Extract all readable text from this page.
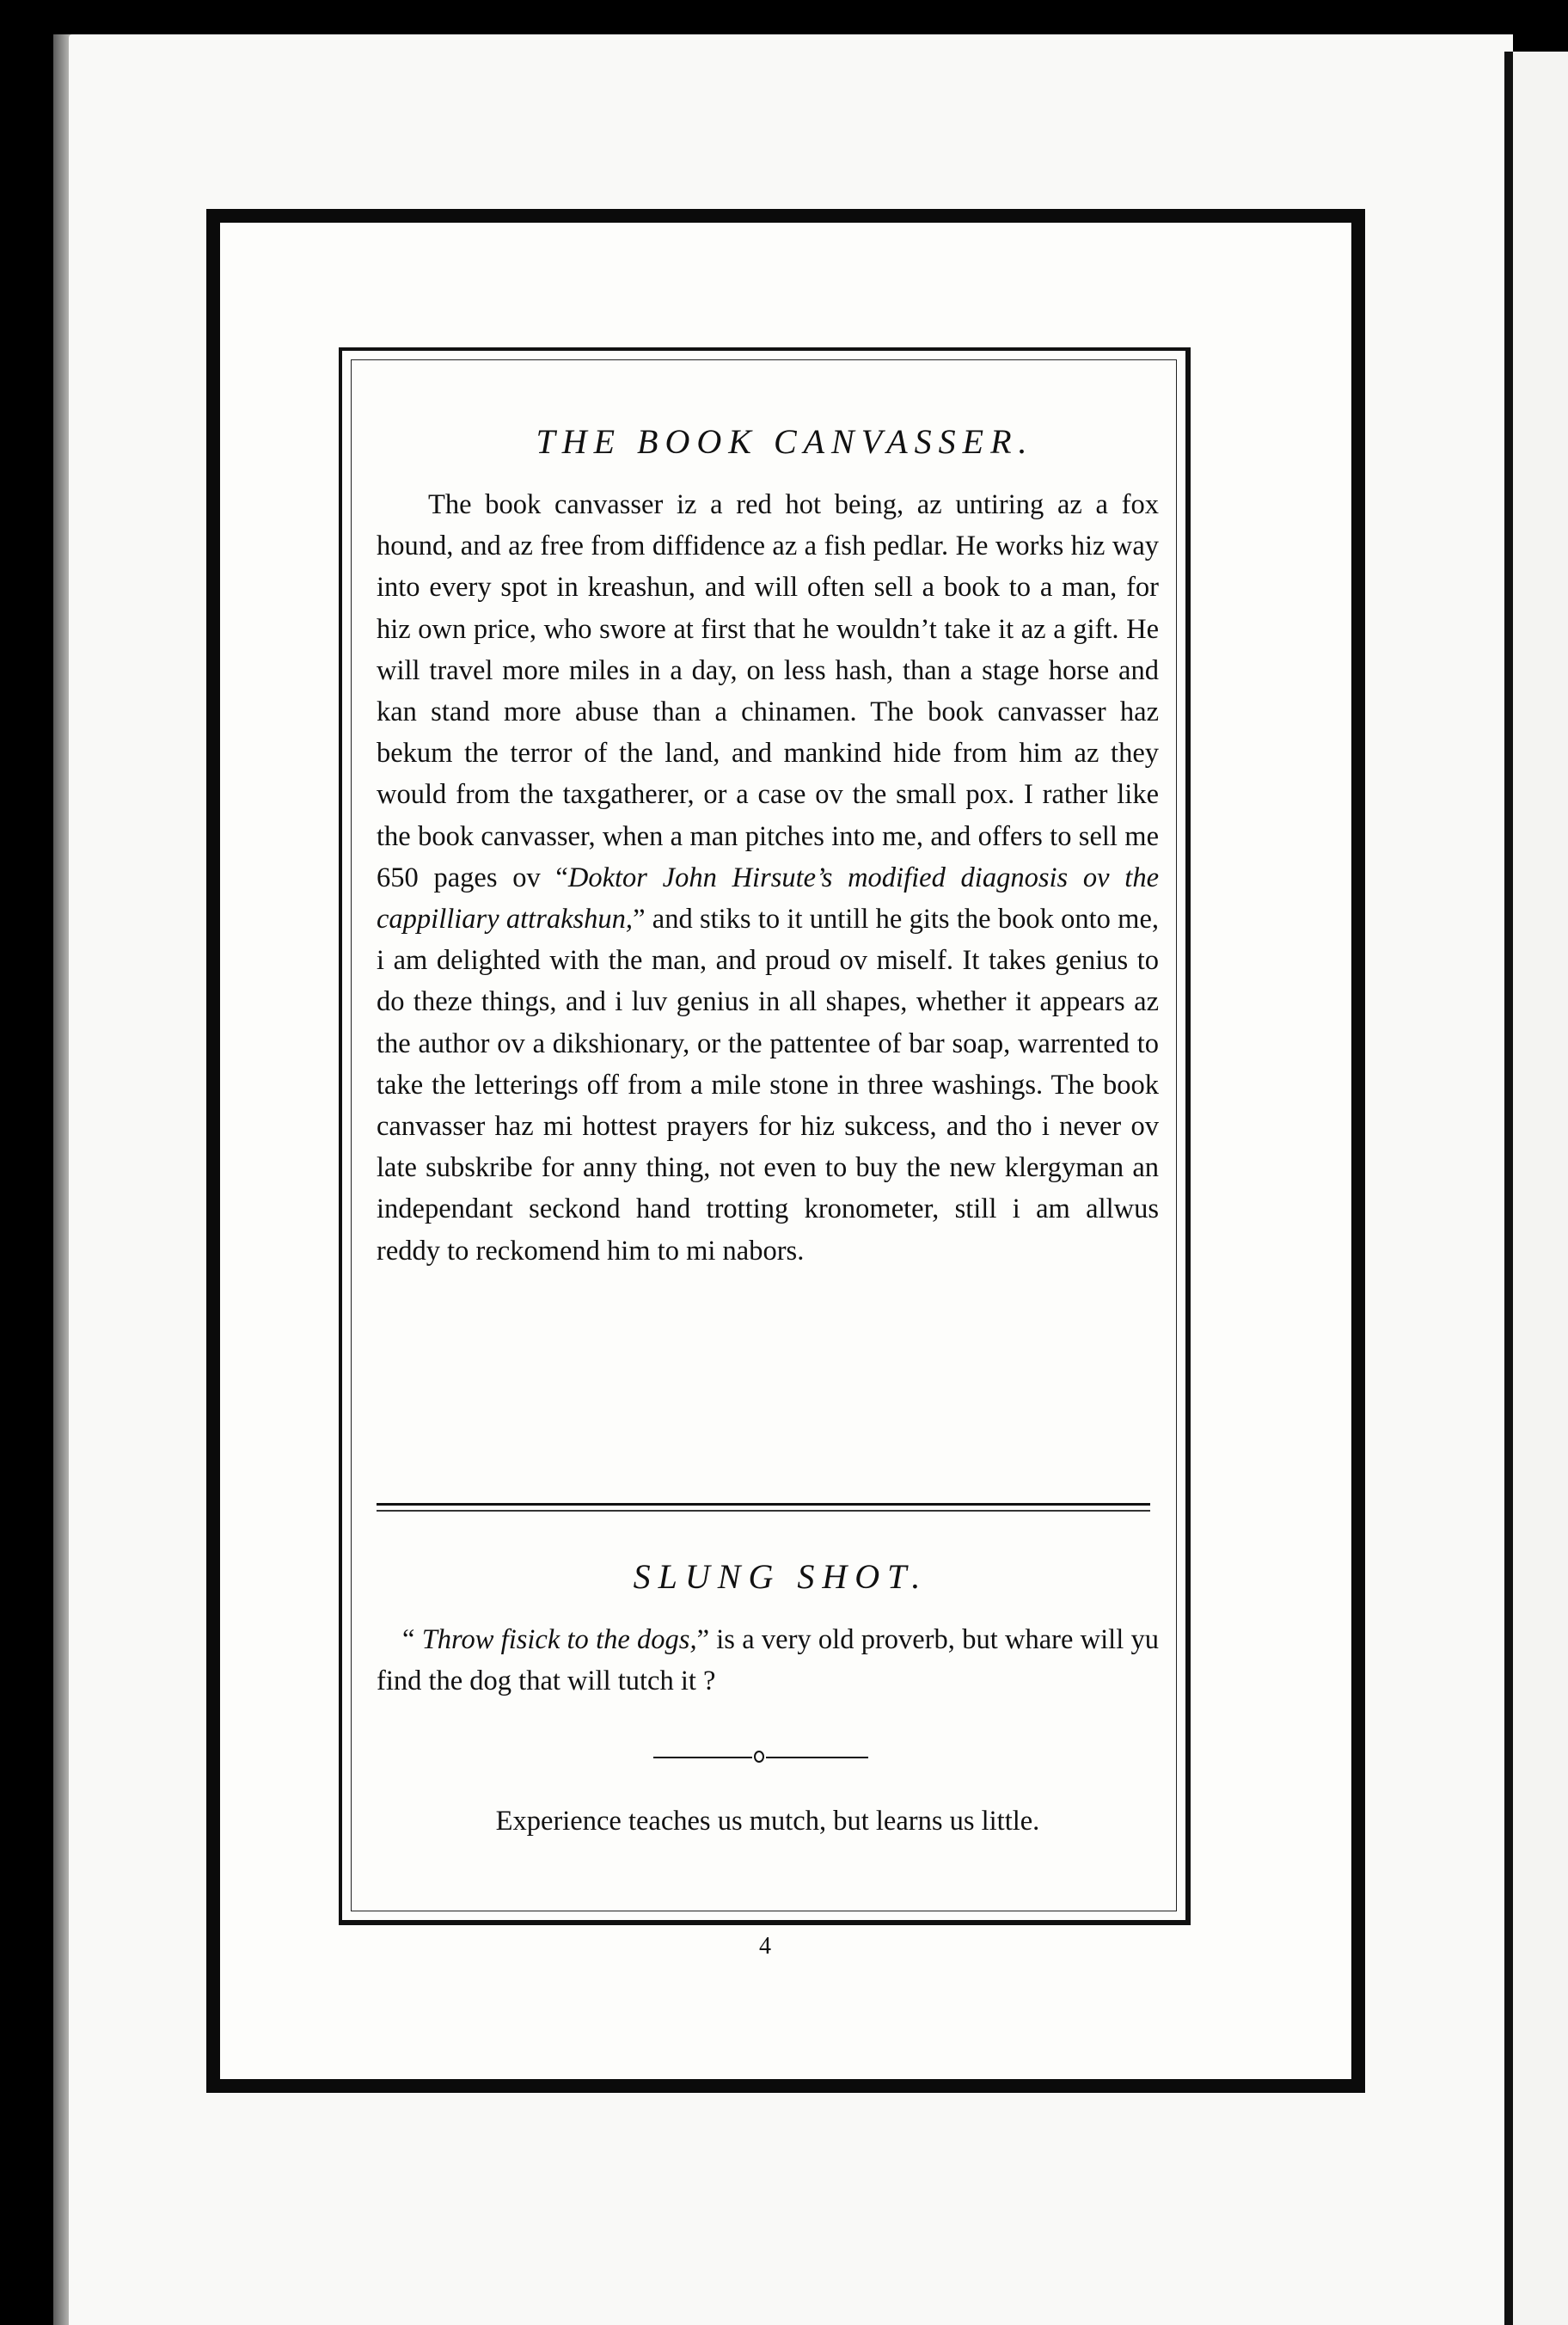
THE BOOK CANVASSER.

The book canvasser iz a red hot being, az untiring az a fox hound, and az free from diffidence az a fish pedlar. He works hiz way into every spot in kreashun, and will often sell a book to a man, for hiz own price, who swore at first that he wouldn’t take it az a gift. He will travel more miles in a day, on less hash, than a stage horse and kan stand more abuse than a chinamen. The book canvasser haz bekum the terror of the land, and mankind hide from him az they would from the taxgatherer, or a case ov the small pox. I rather like the book canvasser, when a man pitches into me, and offers to sell me 650 pages ov “Doktor John Hirsute’s modified diagnosis ov the cappilliary attrakshun,” and stiks to it untill he gits the book onto me, i am delighted with the man, and proud ov miself. It takes genius to do theze things, and i luv genius in all shapes, whether it appears az the author ov a dikshionary, or the pattentee of bar soap, warrented to take the letterings off from a mile stone in three washings. The book canvasser haz mi hottest prayers for hiz sukcess, and tho i never ov late subskribe for anny thing, not even to buy the new klergyman an independant seckond hand trotting kronometer, still i am allwus reddy to reckomend him to mi nabors.

SLUNG SHOT.

“ Throw fisick to the dogs,” is a very old proverb, but whare will yu find the dog that will tutch it ?

Experience teaches us mutch, but learns us little.
4
